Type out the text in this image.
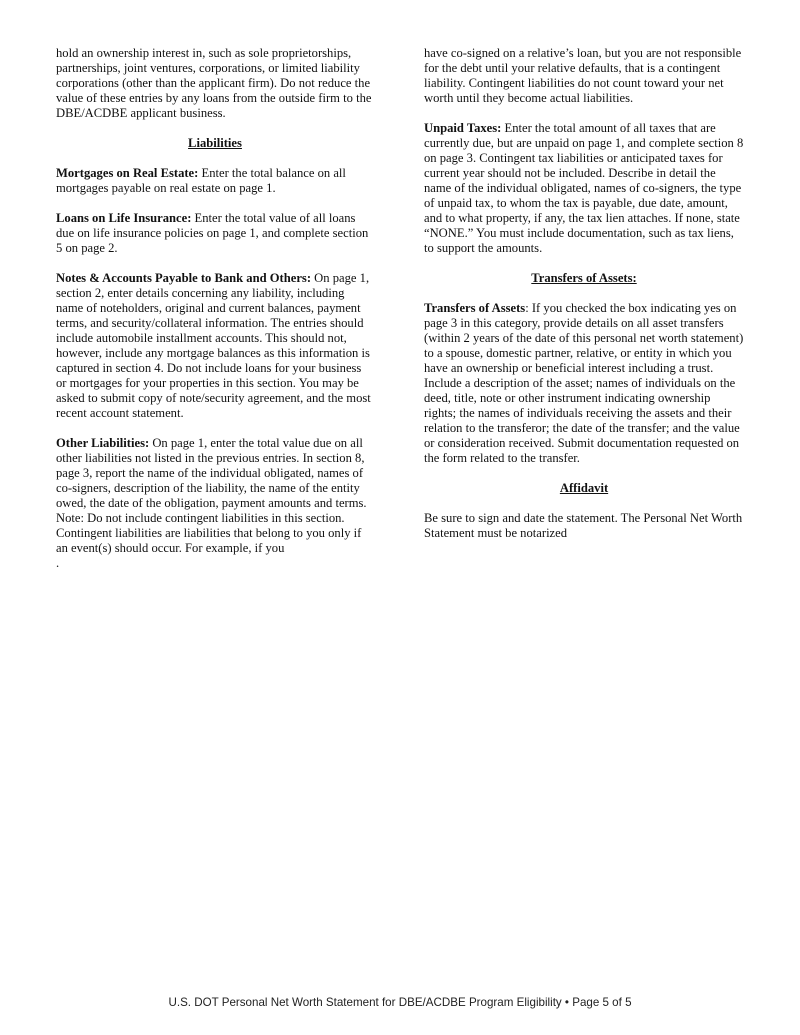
hold an ownership interest in, such as sole proprietorships, partnerships, joint ventures, corporations, or limited liability corporations (other than the applicant firm). Do not reduce the value of these entries by any loans from the outside firm to the DBE/ACDBE applicant business.

Liabilities

Mortgages on Real Estate: Enter the total balance on all mortgages payable on real estate on page 1.

Loans on Life Insurance: Enter the total value of all loans due on life insurance policies on page 1, and complete section 5 on page 2.

Notes & Accounts Payable to Bank and Others: On page 1, section 2, enter details concerning any liability, including name of noteholders, original and current balances, payment terms, and security/collateral information. The entries should include automobile installment accounts. This should not, however, include any mortgage balances as this information is captured in section 4. Do not include loans for your business or mortgages for your properties in this section. You may be asked to submit copy of note/security agreement, and the most recent account statement.

Other Liabilities: On page 1, enter the total value due on all other liabilities not listed in the previous entries. In section 8, page 3, report the name of the individual obligated, names of co-signers, description of the liability, the name of the entity owed, the date of the obligation, payment amounts and terms. Note: Do not include contingent liabilities in this section. Contingent liabilities are liabilities that belong to you only if an event(s) should occur. For example, if you

.

have co-signed on a relative’s loan, but you are not responsible for the debt until your relative defaults, that is a contingent liability. Contingent liabilities do not count toward your net worth until they become actual liabilities.

Unpaid Taxes: Enter the total amount of all taxes that are currently due, but are unpaid on page 1, and complete section 8 on page 3. Contingent tax liabilities or anticipated taxes for current year should not be included. Describe in detail the name of the individual obligated, names of co-signers, the type of unpaid tax, to whom the tax is payable, due date, amount, and to what property, if any, the tax lien attaches. If none, state “NONE.” You must include documentation, such as tax liens, to support the amounts.

Transfers of Assets:

Transfers of Assets: If you checked the box indicating yes on page 3 in this category, provide details on all asset transfers (within 2 years of the date of this personal net worth statement) to a spouse, domestic partner, relative, or entity in which you have an ownership or beneficial interest including a trust. Include a description of the asset; names of individuals on the deed, title, note or other instrument indicating ownership rights; the names of individuals receiving the assets and their relation to the transferor; the date of the transfer; and the value or consideration received. Submit documentation requested on the form related to the transfer.

Affidavit

Be sure to sign and date the statement. The Personal Net Worth Statement must be notarized

U.S. DOT Personal Net Worth Statement for DBE/ACDBE Program Eligibility • Page 5 of 5
